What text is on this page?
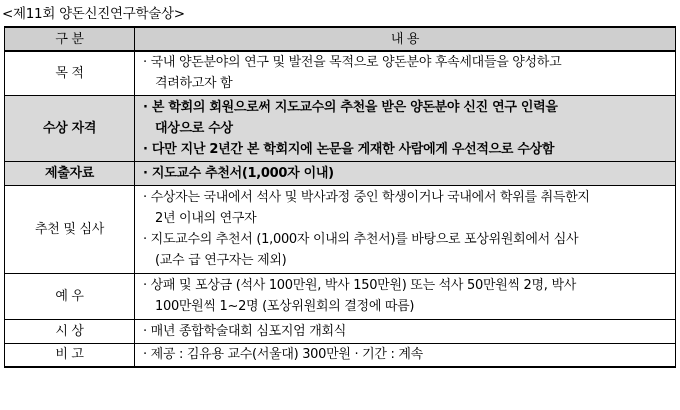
<제11회 양돈신진연구학술상>
구 분	내 용
목 적	· 국내 양돈분야의 연구 및 발전을 목적으로 양돈분야 후속세대들을 양성하고
격려하고자 함

수상 자격	· 본 학회의 회원으로써 지도교수의 추천을 받은 양돈분야 신진 연구 인력을
대상으로 수상
· 다만 지난 2년간 본 학회지에 논문을 게재한 사람에게 우선적으로 수상함

제출자료	· 지도교수 추천서(1,000자 이내)

추천 및 심사	· 수상자는 국내에서 석사 및 박사과정 중인 학생이거나 국내에서 학위를 취득한지
2년 이내의 연구자
· 지도교수의 추천서 (1,000자 이내의 추천서)를 바탕으로 포상위원회에서 심사
(교수 급 연구자는 제외)

예 우	· 상패 및 포상금 (석사 100만원, 박사 150만원) 또는 석사 50만원씩 2명, 박사
100만원씩 1~2명 (포상위원회의 결정에 따름)

시 상	· 매년 종합학술대회 심포지엄 개회식

비 고	· 제공 : 김유용 교수(서울대) 300만원 · 기간 : 계속
